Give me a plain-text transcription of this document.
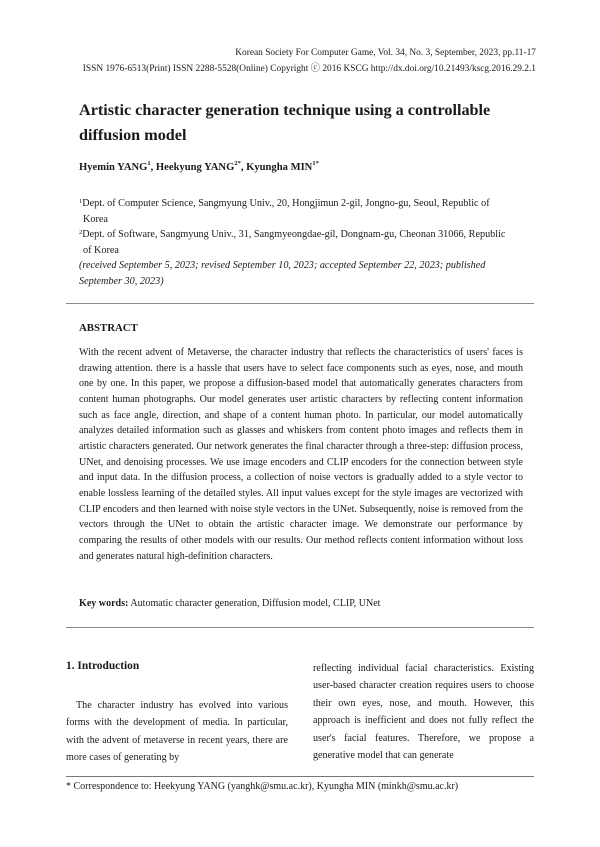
Korean Society For Computer Game, Vol. 34, No. 3, September, 2023, pp.11-17
ISSN 1976-6513(Print) ISSN 2288-5528(Online) Copyright ⓒ 2016 KSCG http://dx.doi.org/10.21493/kscg.2016.29.2.1
Artistic character generation technique using a controllable diffusion model
Hyemin YANG$^1$, Heekyung $YANG^{2*}$, Kyungha $MIN^{1*}$
$^1$Dept. of Computer Science, Sangmyung Univ., 20, Hongjimun 2-gil, Jongno-gu, Seoul, Republic of
Korea
$^2$Dept. of Software, Sangmyung Univ., 31, Sangmyeongdae-gil, Dongnam-gu, Cheonan 31066, Republic
of Korea
(received September 5, 2023; revised September 10, 2023; accepted September 22, 2023; published September 30, 2023)
ABSTRACT
With the recent advent of Metaverse, the character industry that reflects the characteristics of users' faces is drawing attention. there is a hassle that users have to select face components such as eyes, nose, and mouth one by one. In this paper, we propose a diffusion-based model that automatically generates characters from content human photographs. Our model generates user artistic characters by reflecting content information such as face angle, direction, and shape of a content human photo. In particular, our model automatically analyzes detailed information such as glasses and whiskers from content photo images and reflects them in artistic characters generated. Our network generates the final character through a three-step: diffusion process, UNet, and denoising processes. We use image encoders and CLIP encoders for the connection between style and input data. In the diffusion process, a collection of noise vectors is gradually added to a style vector to enable lossless learning of the detailed styles. All input values except for the style images are vectorized with CLIP encoders and then learned with noise style vectors in the UNet. Subsequently, noise is removed from the vectors through the UNet to obtain the artistic character image. We demonstrate our performance by comparing the results of other models with our results. Our method reflects content information without loss and generates natural high-definition characters.
Key words: Automatic character generation, Diffusion model, CLIP, UNet
1. Introduction
The character industry has evolved into various forms with the development of media. In particular, with the advent of metaverse in recent years, there are more cases of generating by
reflecting individual facial characteristics. Existing user-based character creation requires users to choose their own eyes, nose, and mouth. However, this approach is inefficient and does not fully reflect the user's facial features. Therefore, we propose a generative model that can generate
* Correspondence to: Heekyung YANG (yanghk@smu.ac.kr), Kyungha MIN (minkh@smu.ac.kr)
